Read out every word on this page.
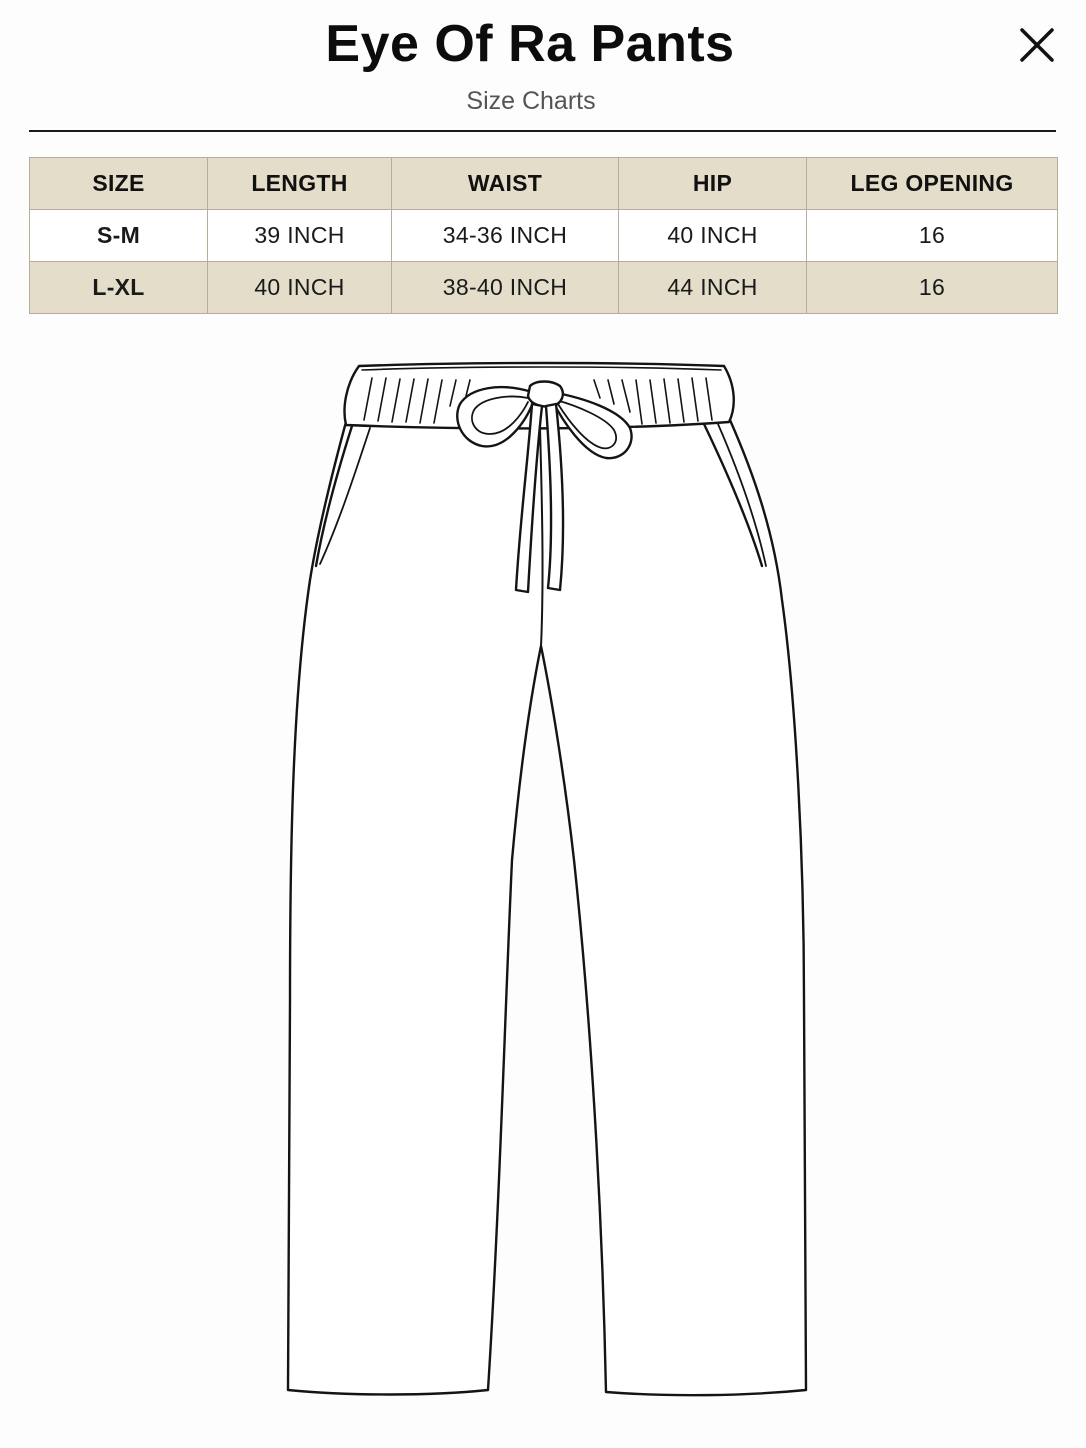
Eye Of Ra Pants
Size Charts
SIZE	LENGTH	WAIST	HIP	LEG OPENING
S-M	39 INCH	34-36 INCH	40 INCH	16
L-XL	40 INCH	38-40 INCH	44 INCH	16
